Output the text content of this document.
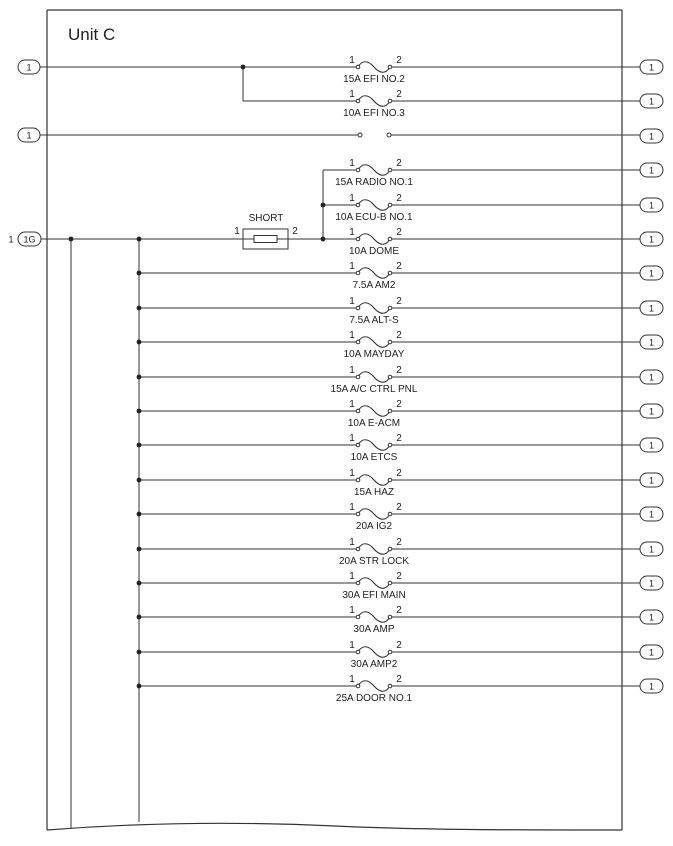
Unit C
SHORT
1	2
1
1
1G
1
1	2
15A EFI NO.2
1
1	2
10A EFI NO.3
1
1
1	2
15A RADIO NO.1
1
1	2
10A ECU-B NO.1
1
1	2
10A DOME
1
1	2
7.5A AM2
1
1	2
7.5A ALT-S
1
1	2
10A MAYDAY
1
1	2
15A A/C CTRL PNL
1
1	2
10A E-ACM
1
1	2
10A ETCS
1
1	2
15A HAZ
1
1	2
20A IG2
1
1	2
20A STR LOCK
1
1	2
30A EFI MAIN
1
1	2
30A AMP
1
1	2
30A AMP2
1
1	2
25A DOOR NO.1
1
